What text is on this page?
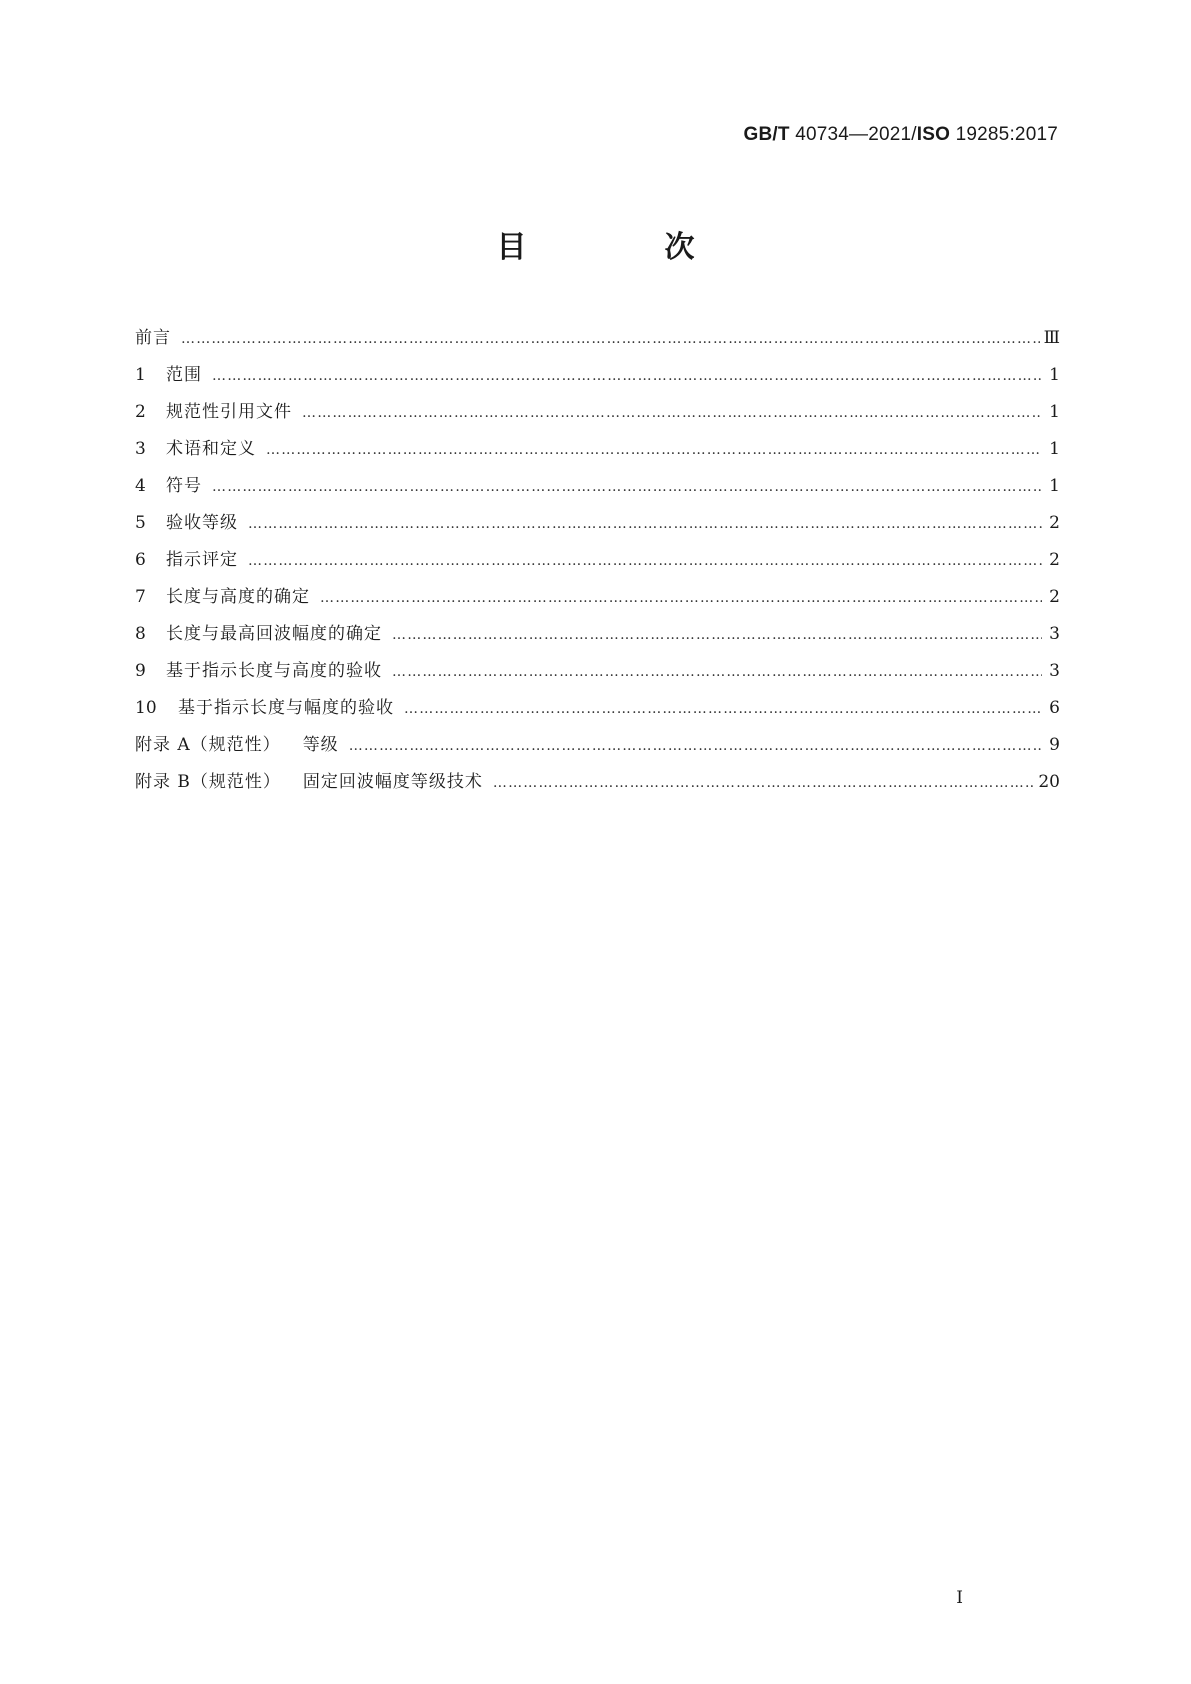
GB/T 40734—2021/ISO 19285:2017
目　次
前言 ……………………………………………………………………………………………………………………………………………………………………………………………………………………	Ⅲ
1	范围 ……………………………………………………………………………………………………………………………………………………………………………………………………………………	1
2	规范性引用文件 ……………………………………………………………………………………………………………………………………………………………………………………………………………………	1
3	术语和定义 ……………………………………………………………………………………………………………………………………………………………………………………………………………………	1
4	符号 ……………………………………………………………………………………………………………………………………………………………………………………………………………………	1
5	验收等级 ……………………………………………………………………………………………………………………………………………………………………………………………………………………	2
6	指示评定 ……………………………………………………………………………………………………………………………………………………………………………………………………………………	2
7	长度与高度的确定 ……………………………………………………………………………………………………………………………………………………………………………………………………………………	2
8	长度与最高回波幅度的确定 ……………………………………………………………………………………………………………………………………………………………………………………………………………………	3
9	基于指示长度与高度的验收 ……………………………………………………………………………………………………………………………………………………………………………………………………………………	3
10	基于指示长度与幅度的验收 ……………………………………………………………………………………………………………………………………………………………………………………………………………………	6
附录 A（规范性） 等级 ……………………………………………………………………………………………………………………………………………………………………………………………………………………	9
附录 B（规范性） 固定回波幅度等级技术 ……………………………………………………………………………………………………………………………………………………………………………………………………………………	20
I
